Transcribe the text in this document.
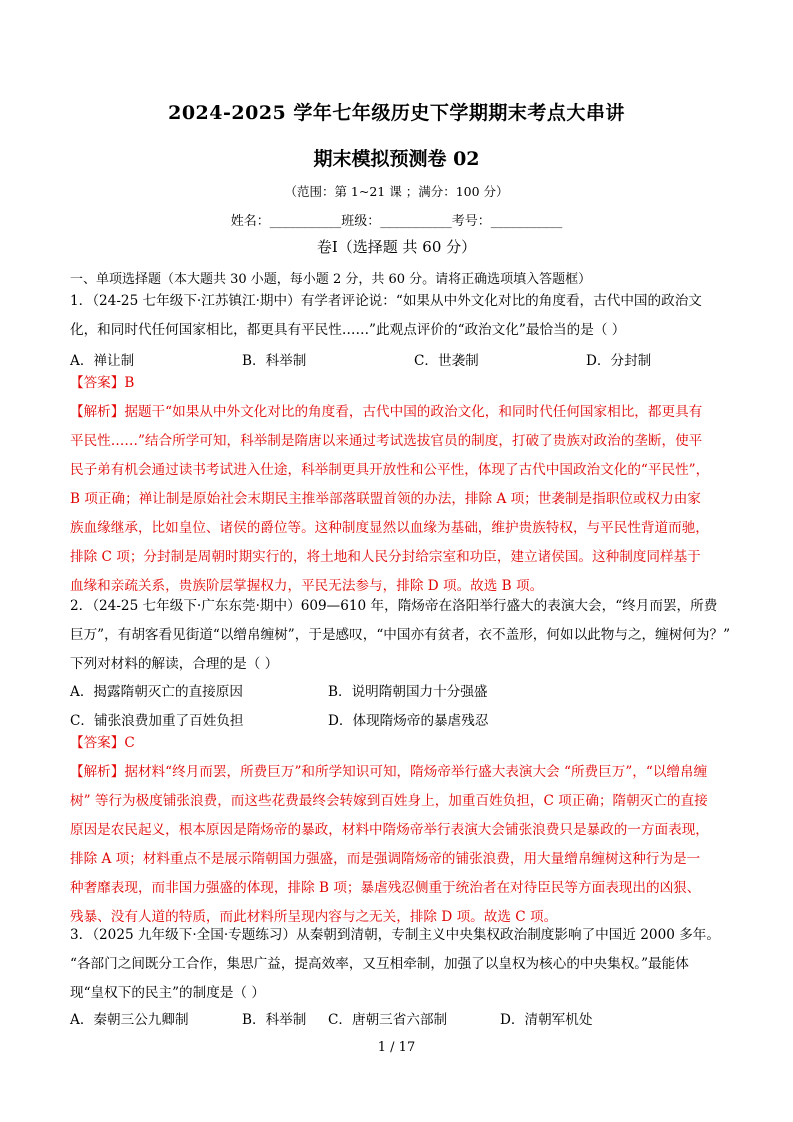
2024-2025 学年七年级历史下学期期末考点大串讲
期末模拟预测卷 02
（范围：第 1~21 课 ；满分：100 分）
姓名：___________班级：___________考号：___________
卷Ⅰ（选择题 共 60 分）
一、单项选择题（本大题共 30 小题，每小题 2 分，共 60 分。请将正确选项填入答题框）
1．（24-25 七年级下·江苏镇江·期中）有学者评论说：“如果从中外文化对比的角度看，古代中国的政治文
化，和同时代任何国家相比，都更具有平民性……”此观点评价的“政治文化”最恰当的是（ ）
A．禅让制	B．科举制	C．世袭制	D．分封制
【答案】B
【解析】据题干“如果从中外文化对比的角度看，古代中国的政治文化，和同时代任何国家相比，都更具有
平民性……”结合所学可知，科举制是隋唐以来通过考试选拔官员的制度，打破了贵族对政治的垄断，使平
民子弟有机会通过读书考试进入仕途，科举制更具开放性和公平性，体现了古代中国政治文化的“平民性”，
B 项正确；禅让制是原始社会末期民主推举部落联盟首领的办法，排除 A 项；世袭制是指职位或权力由家
族血缘继承，比如皇位、诸侯的爵位等。这种制度显然以血缘为基础，维护贵族特权，与平民性背道而驰，
排除 C 项；分封制是周朝时期实行的，将土地和人民分封给宗室和功臣，建立诸侯国。这种制度同样基于
血缘和亲疏关系，贵族阶层掌握权力，平民无法参与，排除 D 项。故选 B 项。
2．（24-25 七年级下·广东东莞·期中）609—610 年，隋炀帝在洛阳举行盛大的表演大会，“终月而罢，所费
巨万”，有胡客看见街道“以缯帛缠树”，于是感叹，“中国亦有贫者，衣不盖形，何如以此物与之，缠树何为？”
下列对材料的解读，合理的是（ ）
A．揭露隋朝灭亡的直接原因	B．说明隋朝国力十分强盛
C．铺张浪费加重了百姓负担	D．体现隋炀帝的暴虐残忍
【答案】C
【解析】据材料“终月而罢，所费巨万”和所学知识可知，隋炀帝举行盛大表演大会 “所费巨万”，“以缯帛缠
树” 等行为极度铺张浪费，而这些花费最终会转嫁到百姓身上，加重百姓负担，C 项正确；隋朝灭亡的直接
原因是农民起义，根本原因是隋炀帝的暴政，材料中隋炀帝举行表演大会铺张浪费只是暴政的一方面表现，
排除 A 项；材料重点不是展示隋朝国力强盛，而是强调隋炀帝的铺张浪费，用大量缯帛缠树这种行为是一
种奢靡表现，而非国力强盛的体现，排除 B 项；暴虐残忍侧重于统治者在对待臣民等方面表现出的凶狠、
残暴、没有人道的特质，而此材料所呈现内容与之无关，排除 D 项。故选 C 项。
3．（2025 九年级下·全国·专题练习）从秦朝到清朝，专制主义中央集权政治制度影响了中国近 2000 多年。
“各部门之间既分工合作，集思广益，提高效率，又互相牵制，加强了以皇权为核心的中央集权。”最能体
现“皇权下的民主”的制度是（ ）
A．秦朝三公九卿制	B．科举制 C．唐朝三省六部制	D．清朝军机处
1 / 17
